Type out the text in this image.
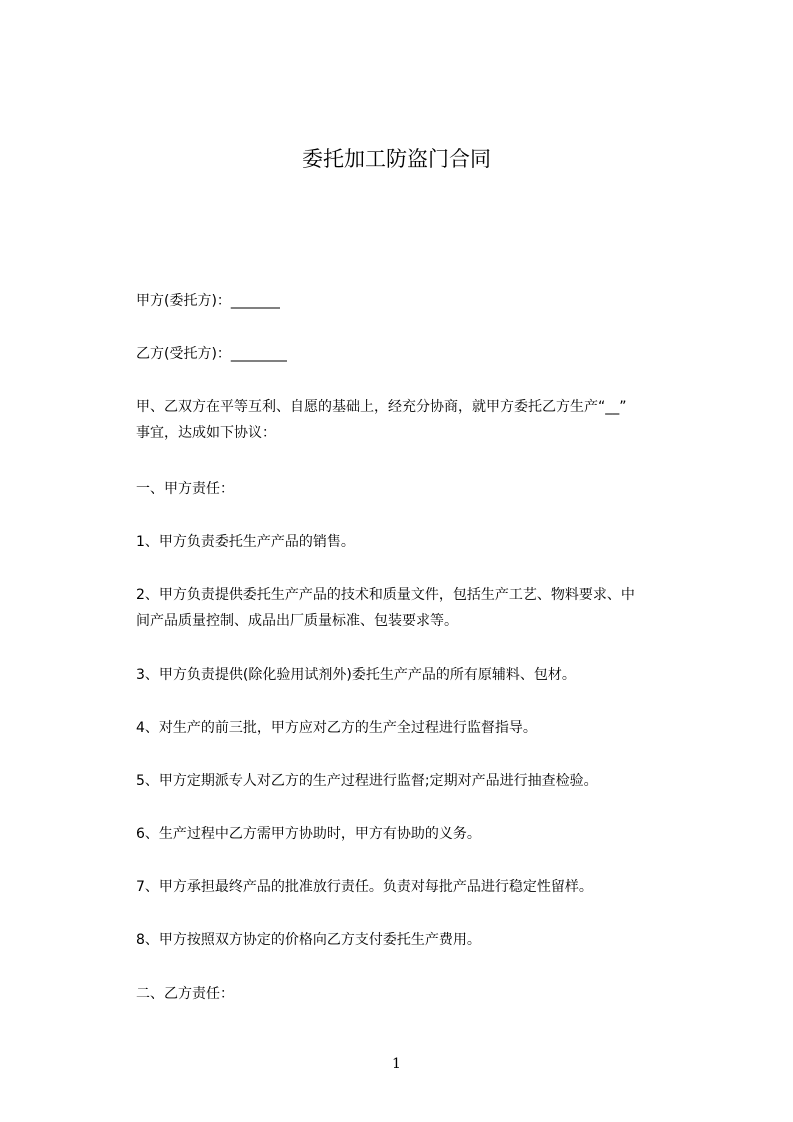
委托加工防盗门合同
甲方(委托方)：_______
乙方(受托方)：________
甲、乙双方在平等互利、自愿的基础上，经充分协商，就甲方委托乙方生产“__”
事宜，达成如下协议：
一、甲方责任：
1、甲方负责委托生产产品的销售。
2、甲方负责提供委托生产产品的技术和质量文件，包括生产工艺、物料要求、中
间产品质量控制、成品出厂质量标准、包装要求等。
3、甲方负责提供(除化验用试剂外)委托生产产品的所有原辅料、包材。
4、对生产的前三批，甲方应对乙方的生产全过程进行监督指导。
5、甲方定期派专人对乙方的生产过程进行监督;定期对产品进行抽查检验。
6、生产过程中乙方需甲方协助时，甲方有协助的义务。
7、甲方承担最终产品的批准放行责任。负责对每批产品进行稳定性留样。
8、甲方按照双方协定的价格向乙方支付委托生产费用。
二、乙方责任：
1
